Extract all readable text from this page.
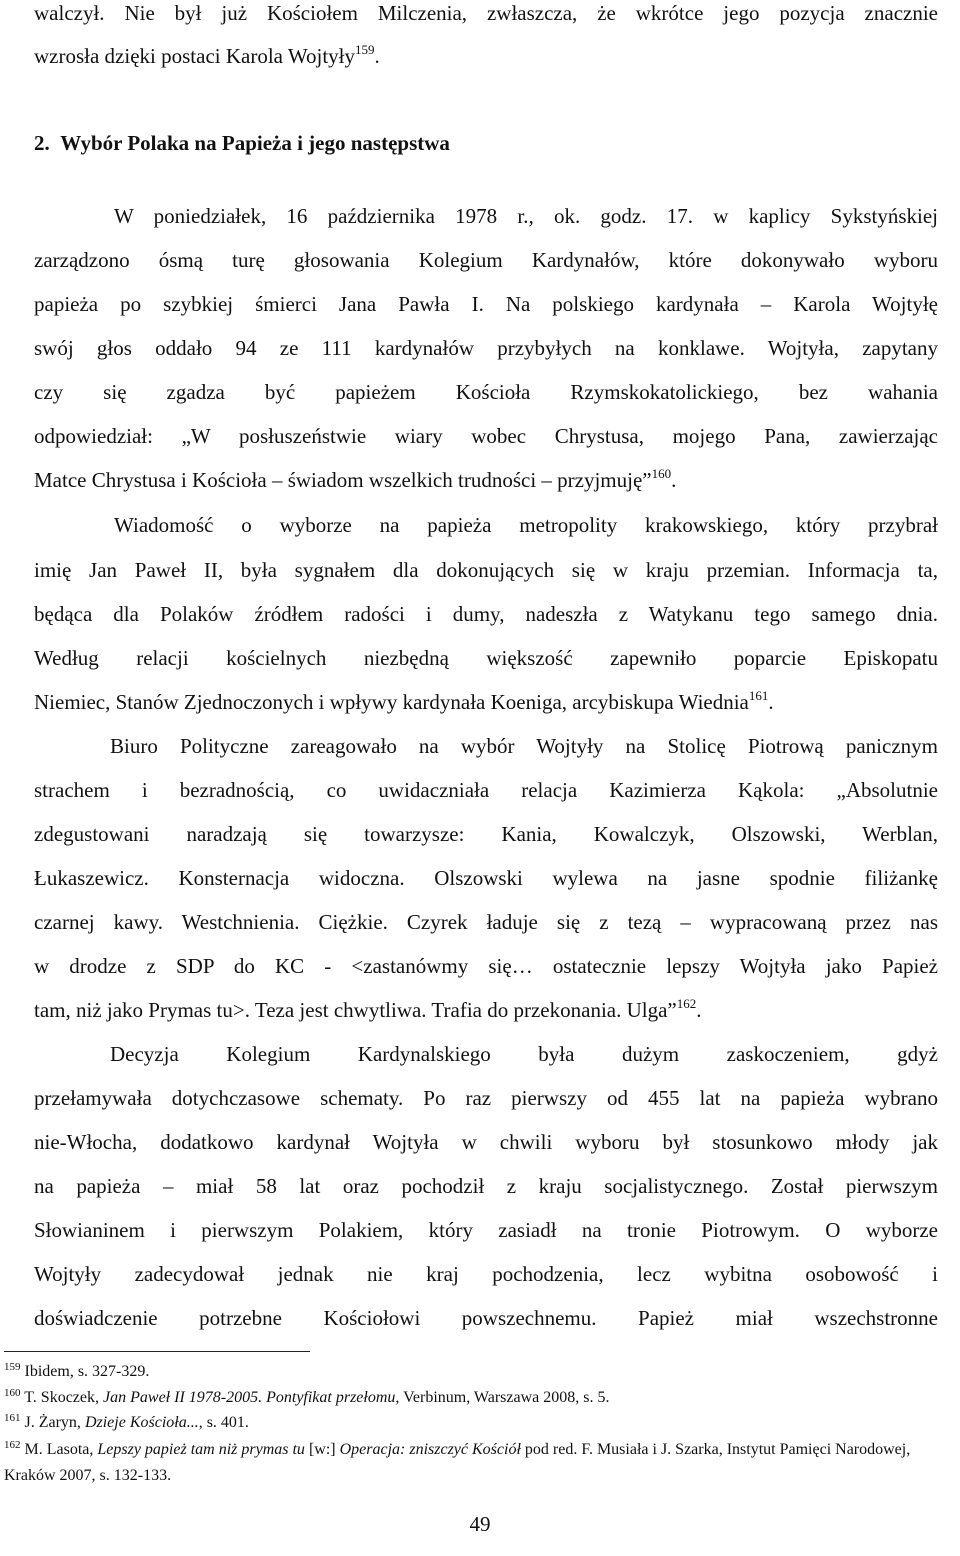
walczył. Nie był już Kościołem Milczenia, zwłaszcza, że wkrótce jego pozycja znacznie
wzrosła dzięki postaci Karola Wojtyły$^{159}$.
2.  Wybór Polaka na Papieża i jego następstwa
W poniedziałek, 16 października 1978 r., ok. godz. 17. w kaplicy Sykstyńskiej
zarządzono ósmą turę głosowania Kolegium Kardynałów, które dokonywało wyboru
papieża po szybkiej śmierci Jana Pawła I. Na polskiego kardynała – Karola Wojtyłę
swój głos oddało 94 ze 111 kardynałów przybyłych na konklawe. Wojtyła, zapytany
czy się zgadza być papieżem Kościoła Rzymskokatolickiego, bez wahania
odpowiedział: „W posłuszeństwie wiary wobec Chrystusa, mojego Pana, zawierzając
Matce Chrystusa i Kościoła – świadom wszelkich trudności – przyjmuję”$^{160}$.
Wiadomość o wyborze na papieża metropolity krakowskiego, który przybrał
imię Jan Paweł II, była sygnałem dla dokonujących się w kraju przemian. Informacja ta,
będąca dla Polaków źródłem radości i dumy, nadeszła z Watykanu tego samego dnia.
Według relacji kościelnych niezbędną większość zapewniło poparcie Episkopatu
Niemiec, Stanów Zjednoczonych i wpływy kardynała Koeniga, arcybiskupa Wiednia$^{161}$.
Biuro Polityczne zareagowało na wybór Wojtyły na Stolicę Piotrową panicznym
strachem i bezradnością, co uwidaczniała relacja Kazimierza Kąkola: „Absolutnie
zdegustowani naradzają się towarzysze: Kania, Kowalczyk, Olszowski, Werblan,
Łukaszewicz. Konsternacja widoczna. Olszowski wylewa na jasne spodnie filiżankę
czarnej kawy. Westchnienia. Ciężkie. Czyrek ładuje się z tezą – wypracowaną przez nas
w drodze z SDP do KC - <zastanówmy się… ostatecznie lepszy Wojtyła jako Papież
tam, niż jako Prymas tu>. Teza jest chwytliwa. Trafia do przekonania. Ulga”$^{162}$.
Decyzja Kolegium Kardynalskiego była dużym zaskoczeniem, gdyż
przełamywała dotychczasowe schematy. Po raz pierwszy od 455 lat na papieża wybrano
nie-Włocha, dodatkowo kardynał Wojtyła w chwili wyboru był stosunkowo młody jak
na papieża – miał 58 lat oraz pochodził z kraju socjalistycznego. Został pierwszym
Słowianinem i pierwszym Polakiem, który zasiadł na tronie Piotrowym. O wyborze
Wojtyły zadecydował jednak nie kraj pochodzenia, lecz wybitna osobowość i
doświadczenie potrzebne Kościołowi powszechnemu. Papież miał wszechstronne
$^{159}$ Ibidem, s. 327-329.
$^{160}$ T. Skoczek, Jan Paweł II 1978-2005. Pontyfikat przełomu, Verbinum, Warszawa 2008, s. 5.
$^{161}$ J. Żaryn, Dzieje Kościoła..., s. 401.
$^{162}$ M. Lasota, Lepszy papież tam niż prymas tu [w:] Operacja: zniszczyć Kościół pod red. F. Musiała i J. Szarka, Instytut Pamięci Narodowej, Kraków 2007, s. 132-133.
49
